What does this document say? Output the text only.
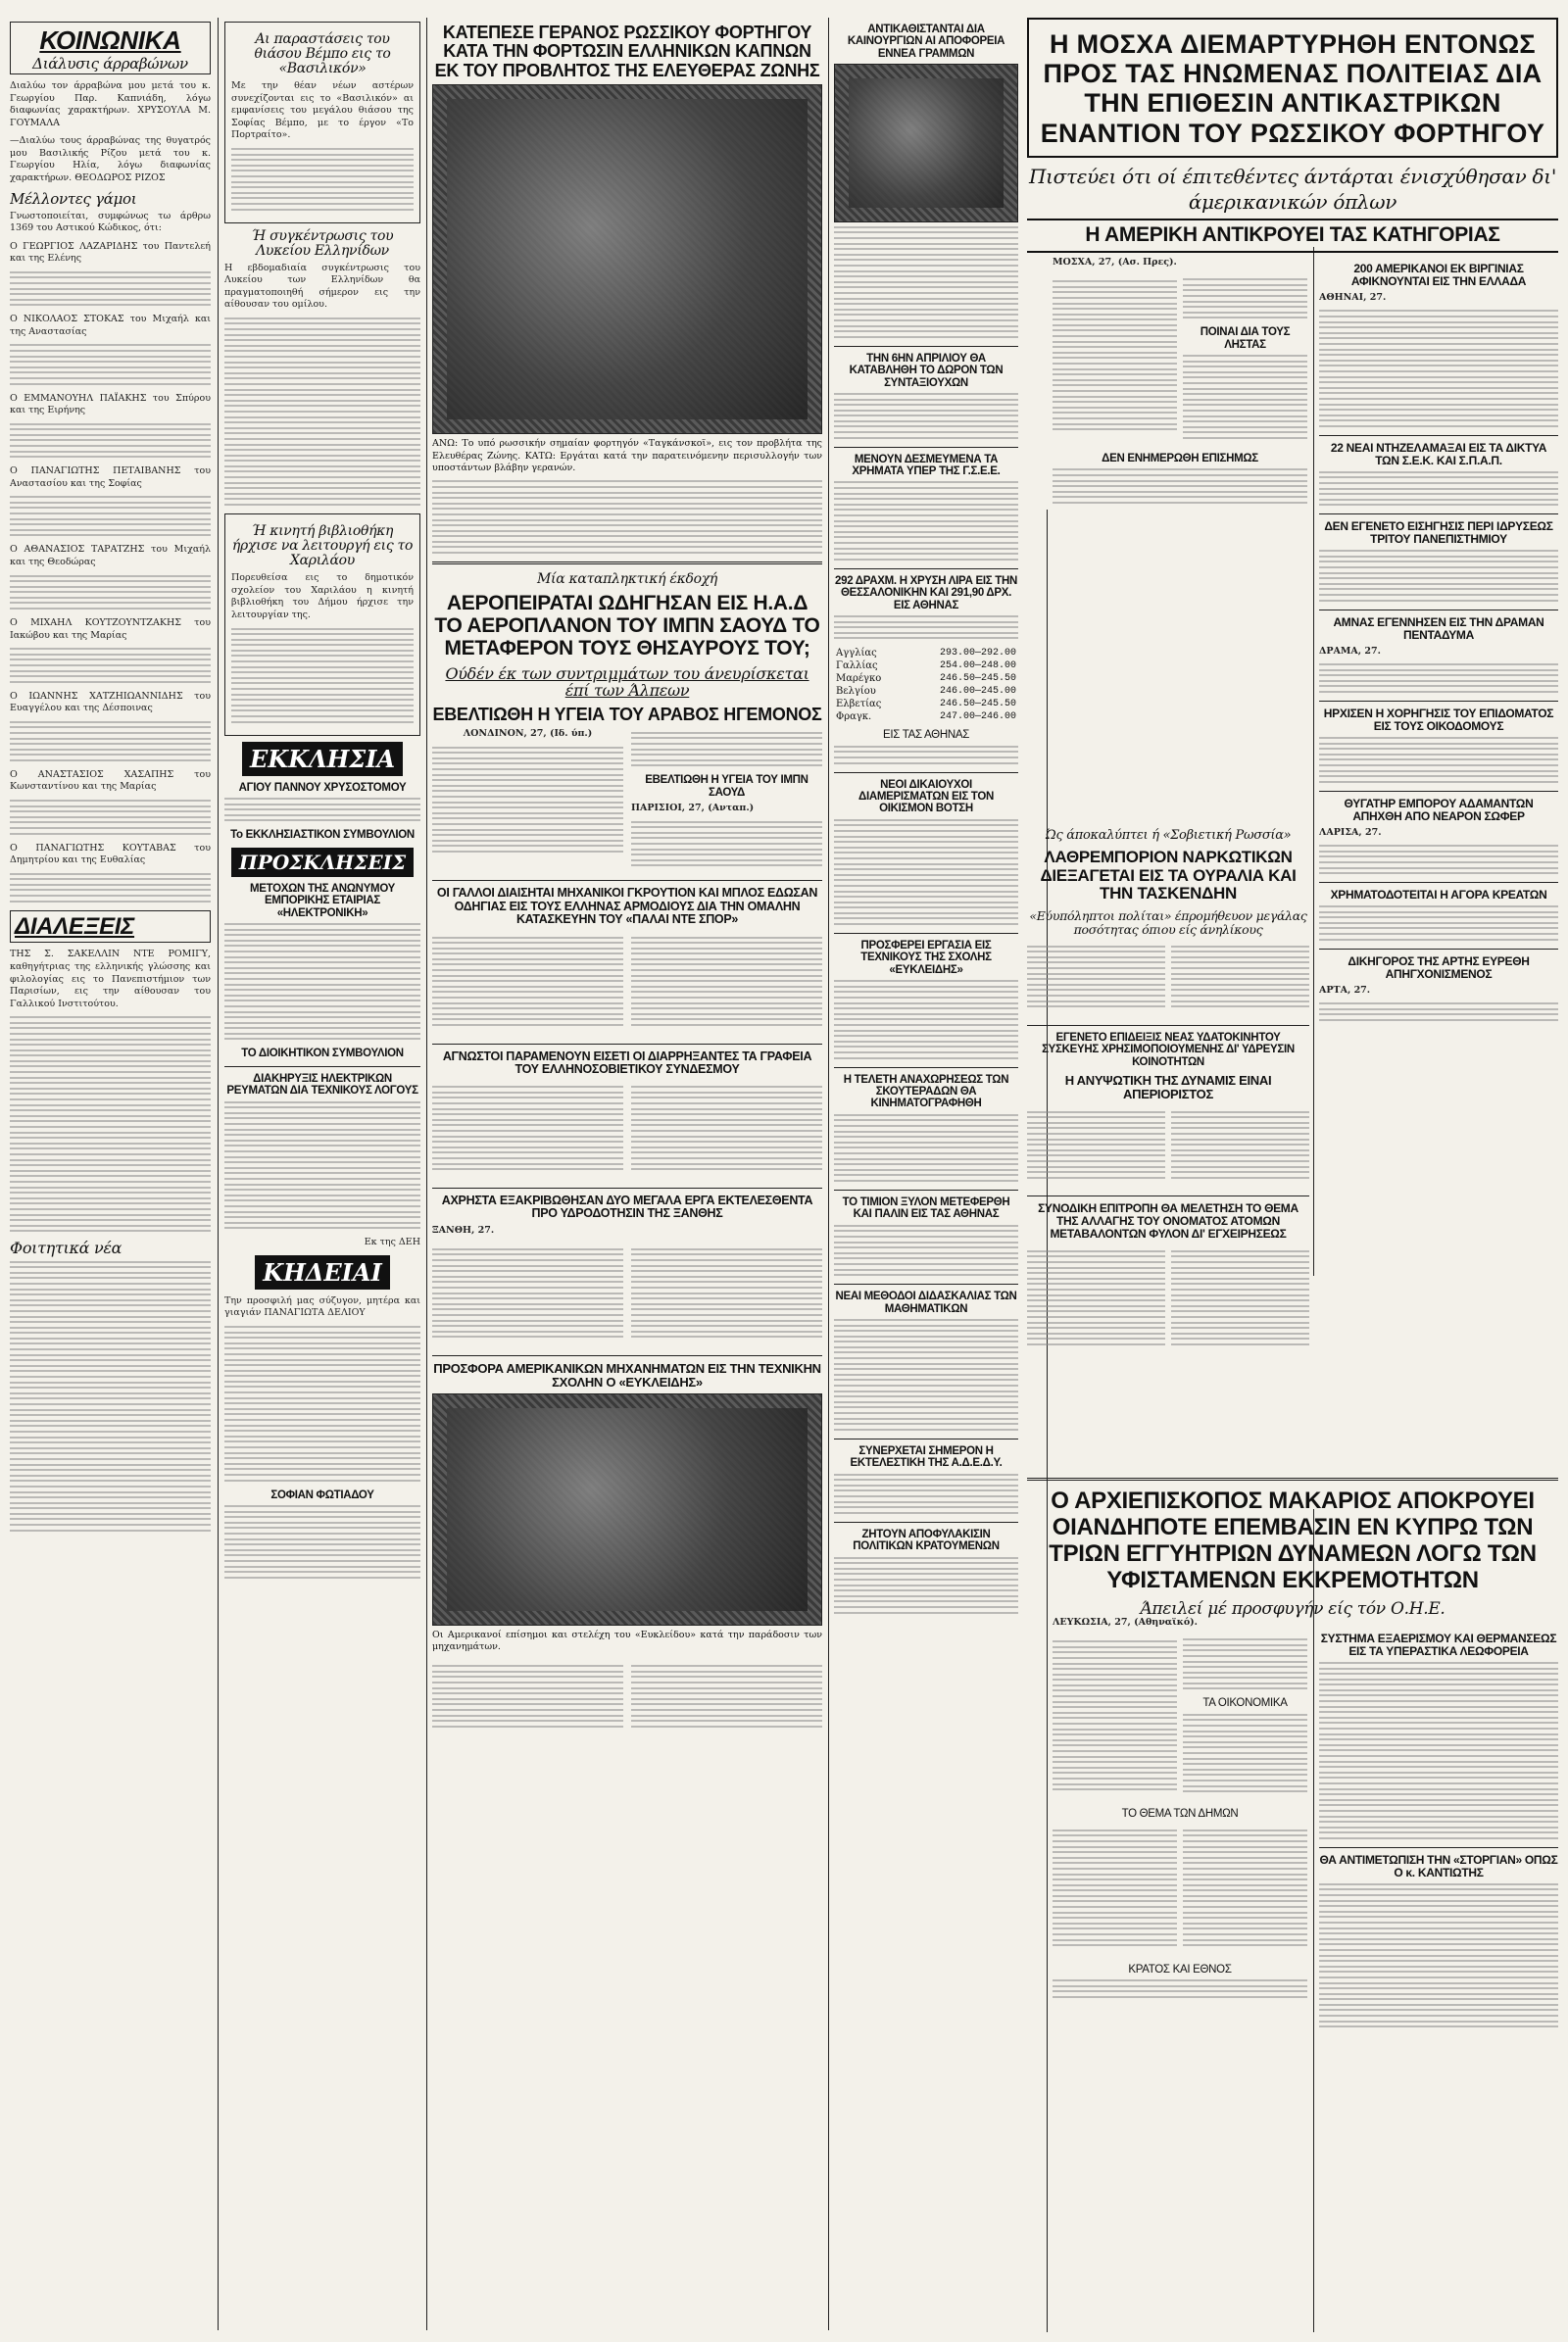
ΚΟΙΝΩΝΙΚΑ
Διάλυσις άρραβώνων

Διαλύω τον άρραβώνα μου μετά του κ. Γεωργίου Παρ. Καπνιάδη, λόγω διαφωνίας χαρακτήρων. ΧΡΥΣΟΥΛΑ Μ. ΓΟΥΜΑΛΑ

—Διαλύω τους άρραβώνας της θυγατρός μου Βασιλικής Ρίζου μετά του κ. Γεωργίου Ηλία, λόγω διαφωνίας χαρακτήρων. ΘΕΟΔΩΡΟΣ ΡΙΖΟΣ

Μέλλοντες γάμοι

Γνωστοποιείται, συμφώνως τω άρθρω 1369 του Αστικού Κώδικος, ότι:

Ο ΓΕΩΡΓΙΟΣ ΛΑΖΑΡΙΔΗΣ του Παντελεή και της Ελένης

Ο ΝΙΚΟΛΑΟΣ ΣΤΟΚΑΣ του Μιχαήλ και της Αναστασίας

Ο ΕΜΜΑΝΟΥΗΛ ΠΑΪΑΚΗΣ του Σπύρου και της Ειρήνης

Ο ΠΑΝΑΓΙΩΤΗΣ ΠΕΤΑΙΒΑΝΗΣ του Αναστασίου και της Σοφίας

Ο ΑΘΑΝΑΣΙΟΣ ΤΑΡΑΤΖΗΣ του Μιχαήλ και της Θεοδώρας

Ο ΜΙΧΑΗΛ ΚΟΥΤΖΟΥΝΤΖΑΚΗΣ του Ιακώβου και της Μαρίας

Ο ΙΩΑΝΝΗΣ ΧΑΤΖΗΙΩΑΝΝΙΔΗΣ του Ευαγγέλου και της Δέσποινας

Ο ΑΝΑΣΤΑΣΙΟΣ ΧΑΣΑΠΗΣ του Κωνσταντίνου και της Μαρίας

Ο ΠΑΝΑΓΙΩΤΗΣ ΚΟΥΤΑΒΑΣ του Δημητρίου και της Ευθαλίας

ΔΙΑΛΕΞΕΙΣ

ΤΗΣ Σ. ΣΑΚΕΛΛΙΝ ΝΤΕ ΡΟΜΙΓΥ, καθηγήτριας της ελληνικής γλώσσης και φιλολογίας εις το Πανεπιστήμιον των Παρισίων, εις την αίθουσαν του Γαλλικού Ινστιτούτου.

Φοιτητικά νέα
Αι παραστάσεις του θιάσου Βέμπο εις το «Βασιλικόν»

Με την θέαν νέων αστέρων συνεχίζονται εις το «Βασιλικόν» αι εμφανίσεις του μεγάλου θιάσου της Σοφίας Βέμπο, με το έργον «Το Πορτραίτο».

Ή συγκέντρωσις του Λυκείου Ελληνίδων

Η εβδομαδιαία συγκέντρωσις του Λυκείου των Ελληνίδων θα πραγματοποιηθή σήμερον εις την αίθουσαν του ομίλου.

Ή κινητή βιβλιοθήκη ήρχισε να λειτουργή εις το Χαριλάου

Πορευθείσα εις το δημοτικόν σχολείον του Χαριλάου η κινητή βιβλιοθήκη του Δήμου ήρχισε την λειτουργίαν της.

ΕΚΚΛΗΣΙΑ
ΑΓΙΟΥ ΠΑΝΝΟΥ ΧΡΥΣΟΣΤΟΜΟΥ
Το ΕΚΚΛΗΣΙΑΣΤΙΚΟΝ ΣΥΜΒΟΥΛΙΟΝ
ΠΡΟΣΚΛΗΣΕΙΣ
ΜΕΤΟΧΩΝ ΤΗΣ ΑΝΩΝΥΜΟΥ ΕΜΠΟΡΙΚΗΣ ΕΤΑΙΡΙΑΣ «ΗΛΕΚΤΡΟΝΙΚΗ»
ΤΟ ΔΙΟΙΚΗΤΙΚΟΝ ΣΥΜΒΟΥΛΙΟΝ
ΔΙΑΚΗΡΥΞΙΣ ΗΛΕΚΤΡΙΚΩΝ ΡΕΥΜΑΤΩΝ ΔΙΑ ΤΕΧΝΙΚΟΥΣ ΛΟΓΟΥΣ
Εκ της ΔΕΗ
ΚΗΔΕΙΑΙ

Την προσφιλή μας σύζυγον, μητέρα και γιαγιάν ΠΑΝΑΓΙΩΤΑ ΔΕΛΙΟΥ

ΣΟΦΙΑΝ ΦΩΤΙΑΔΟΥ
ΚΑΤΕΠΕΣΕ ΓΕΡΑΝΟΣ ΡΩΣΣΙΚΟΥ ΦΟΡΤΗΓΟΥ ΚΑΤΑ ΤΗΝ ΦΟΡΤΩΣΙΝ ΕΛΛΗΝΙΚΩΝ ΚΑΠΝΩΝ ΕΚ ΤΟΥ ΠΡΟΒΛΗΤΟΣ ΤΗΣ ΕΛΕΥΘΕΡΑΣ ΖΩΝΗΣ
ΑΝΩ: Το υπό ρωσσικήν σημαίαν φορτηγόν «Ταγκάνσκοϊ», εις τον προβλήτα της Ελευθέρας Ζώνης. ΚΑΤΩ: Εργάται κατά την παρατεινόμενην περισυλλογήν των υποστάντων βλάβην γερανών.
Μία καταπληκτική έκδοχή
ΑΕΡΟΠΕΙΡΑΤΑΙ ΩΔΗΓΗΣΑΝ ΕΙΣ Η.Α.Δ ΤΟ ΑΕΡΟΠΛΑΝΟΝ ΤΟΥ ΙΜΠΝ ΣΑΟΥΔ ΤΟ ΜΕΤΑΦΕΡΟΝ ΤΟΥΣ ΘΗΣΑΥΡΟΥΣ ΤΟΥ;
Ούδέν έκ των συντριμμάτων του άνευρίσκεται έπί των Άλπεων
ΕΒΕΛΤΙΩΘΗ Η ΥΓΕΙΑ ΤΟΥ ΑΡΑΒΟΣ ΗΓΕΜΟΝΟΣ
ΛΟΝΔΙΝΟΝ, 27, (Ιδ. ύπ.)
ΕΒΕΛΤΙΩΘΗ Η ΥΓΕΙΑ ΤΟΥ ΙΜΠΝ ΣΑΟΥΔ
ΠΑΡΙΣΙΟΙ, 27, (Ανταπ.)
ΟΙ ΓΑΛΛΟΙ ΔΙΑΙΣΗΤΑΙ ΜΗΧΑΝΙΚΟΙ ΓΚΡΟΥΤΙΟΝ ΚΑΙ ΜΠΛΟΣ ΕΔΩΣΑΝ ΟΔΗΓΙΑΣ ΕΙΣ ΤΟΥΣ ΕΛΛΗΝΑΣ ΑΡΜΟΔΙΟΥΣ ΔΙΑ ΤΗΝ ΟΜΑΛΗΝ ΚΑΤΑΣΚΕΥΗΝ ΤΟΥ «ΠΑΛΑΙ ΝΤΕ ΣΠΟΡ»
ΑΓΝΩΣΤΟΙ ΠΑΡΑΜΕΝΟΥΝ ΕΙΣΕΤΙ ΟΙ ΔΙΑΡΡΗΞΑΝΤΕΣ ΤΑ ΓΡΑΦΕΙΑ ΤΟΥ ΕΛΛΗΝΟΣΟΒΙΕΤΙΚΟΥ ΣΥΝΔΕΣΜΟΥ
ΑΧΡΗΣΤΑ ΕΞΑΚΡΙΒΩΘΗΣΑΝ ΔΥΟ ΜΕΓΑΛΑ ΕΡΓΑ ΕΚΤΕΛΕΣΘΕΝΤΑ ΠΡΟ ΥΔΡΟΔΟΤΗΣΙΝ ΤΗΣ ΞΑΝΘΗΣ
ΞΑΝΘΗ, 27.
ΠΡΟΣΦΟΡΑ ΑΜΕΡΙΚΑΝΙΚΩΝ ΜΗΧΑΝΗΜΑΤΩΝ ΕΙΣ ΤΗΝ ΤΕΧΝΙΚΗΝ ΣΧΟΛΗΝ Ο «ΕΥΚΛΕΙΔΗΣ»
Οι Αμερικανοί επίσημοι και στελέχη του «Ευκλείδου» κατά την παράδοσιν των μηχανημάτων.
ΑΝΤΙΚΑΘΙΣΤΑΝΤΑΙ ΔΙΑ ΚΑΙΝΟΥΡΓΙΩΝ ΑΙ ΑΠΟΦΟΡΕΙΑ ΕΝΝΕΑ ΓΡΑΜΜΩΝ
ΤΗΝ 6ΗΝ ΑΠΡΙΛΙΟΥ ΘΑ ΚΑΤΑΒΛΗΘΗ ΤΟ ΔΩΡΟΝ ΤΩΝ ΣΥΝΤΑΞΙΟΥΧΩΝ
ΜΕΝΟΥΝ ΔΕΣΜΕΥΜΕΝΑ ΤΑ ΧΡΗΜΑΤΑ ΥΠΕΡ ΤΗΣ Γ.Σ.Ε.Ε.
292 ΔΡΑΧΜ. Η ΧΡΥΣΗ ΛΙΡΑ ΕΙΣ ΤΗΝ ΘΕΣΣΑΛΟΝΙΚΗΝ ΚΑΙ 291,90 ΔΡΧ. ΕΙΣ ΑΘΗΝΑΣ
Αγγλίας	293.00—292.00
Γαλλίας	254.00—248.00
Μαρέγκο	246.50—245.50
Βελγίου	246.00—245.00
Ελβετίας	246.50—245.50
Φραγκ.	247.00—246.00
ΕΙΣ ΤΑΣ ΑΘΗΝΑΣ
ΝΕΟΙ ΔΙΚΑΙΟΥΧΟΙ ΔΙΑΜΕΡΙΣΜΑΤΩΝ ΕΙΣ ΤΟΝ ΟΙΚΙΣΜΟΝ ΒΟΤΣΗ
ΠΡΟΣΦΕΡΕΙ ΕΡΓΑΣΙΑ ΕΙΣ ΤΕΧΝΙΚΟΥΣ ΤΗΣ ΣΧΟΛΗΣ «ΕΥΚΛΕΙΔΗΣ»
Η ΤΕΛΕΤΗ ΑΝΑΧΩΡΗΣΕΩΣ ΤΩΝ ΣΚΟΥΤΕΡΑΔΩΝ ΘΑ ΚΙΝΗΜΑΤΟΓΡΑΦΗΘΗ
ΤΟ ΤΙΜΙΟΝ ΞΥΛΟΝ ΜΕΤΕΦΕΡΘΗ ΚΑΙ ΠΑΛΙΝ ΕΙΣ ΤΑΣ ΑΘΗΝΑΣ
ΝΕΑΙ ΜΕΘΟΔΟΙ ΔΙΔΑΣΚΑΛΙΑΣ ΤΩΝ ΜΑΘΗΜΑΤΙΚΩΝ
ΣΥΝΕΡΧΕΤΑΙ ΣΗΜΕΡΟΝ Η ΕΚΤΕΛΕΣΤΙΚΗ ΤΗΣ Α.Δ.Ε.Δ.Υ.
ΖΗΤΟΥΝ ΑΠΟΦΥΛΑΚΙΣΙΝ ΠΟΛΙΤΙΚΩΝ ΚΡΑΤΟΥΜΕΝΩΝ
Η ΜΟΣΧΑ ΔΙΕΜΑΡΤΥΡΗΘΗ ΕΝΤΟΝΩΣ ΠΡΟΣ ΤΑΣ ΗΝΩΜΕΝΑΣ ΠΟΛΙΤΕΙΑΣ ΔΙΑ ΤΗΝ ΕΠΙΘΕΣΙΝ ΑΝΤΙΚΑΣΤΡΙΚΩΝ ΕΝΑΝΤΙΟΝ ΤΟΥ ΡΩΣΣΙΚΟΥ ΦΟΡΤΗΓΟΥ
Πιστεύει ότι οί έπιτεθέντες άντάρται ένισχύθησαν δι' άμερικανικών όπλων
Η ΑΜΕΡΙΚΗ ΑΝΤΙΚΡΟΥΕΙ ΤΑΣ ΚΑΤΗΓΟΡΙΑΣ
ΜΟΣΧΑ, 27, (Ασ. Πρες).
ΠΟΙΝΑΙ ΔΙΑ ΤΟΥΣ ΛΗΣΤΑΣ
ΔΕΝ ΕΝΗΜΕΡΩΘΗ ΕΠΙΣΗΜΩΣ
Ώς άποκαλύπτει ή «Σοβιετική Ρωσσία»
ΛΑΘΡΕΜΠΟΡΙΟΝ ΝΑΡΚΩΤΙΚΩΝ ΔΙΕΞΑΓΕΤΑΙ ΕΙΣ ΤΑ ΟΥΡΑΛΙΑ ΚΑΙ ΤΗΝ ΤΑΣΚΕΝΔΗΝ
«Εύυπόληπτοι πολίται» έπρομήθευον μεγάλας ποσότητας όπιου είς άνηλίκους
ΕΓΕΝΕΤΟ ΕΠΙΔΕΙΞΙΣ ΝΕΑΣ ΥΔΑΤΟΚΙΝΗΤΟΥ ΣΥΣΚΕΥΗΣ ΧΡΗΣΙΜΟΠΟΙΟΥΜΕΝΗΣ ΔΙ' ΥΔΡΕΥΣΙΝ ΚΟΙΝΟΤΗΤΩΝ
Η ΑΝΥΨΩΤΙΚΗ ΤΗΣ ΔΥΝΑΜΙΣ ΕΙΝΑΙ ΑΠΕΡΙΟΡΙΣΤΟΣ
ΣΥΝΟΔΙΚΗ ΕΠΙΤΡΟΠΗ ΘΑ ΜΕΛΕΤΗΣΗ ΤΟ ΘΕΜΑ ΤΗΣ ΑΛΛΑΓΗΣ ΤΟΥ ΟΝΟΜΑΤΟΣ ΑΤΟΜΩΝ ΜΕΤΑΒΑΛΟΝΤΩΝ ΦΥΛΟΝ ΔΙ' ΕΓΧΕΙΡΗΣΕΩΣ
Ο ΑΡΧΙΕΠΙΣΚΟΠΟΣ ΜΑΚΑΡΙΟΣ ΑΠΟΚΡΟΥΕΙ ΟΙΑΝΔΗΠΟΤΕ ΕΠΕΜΒΑΣΙΝ ΕΝ ΚΥΠΡΩ ΤΩΝ ΤΡΙΩΝ ΕΓΓΥΗΤΡΙΩΝ ΔΥΝΑΜΕΩΝ ΛΟΓΩ ΤΩΝ ΥΦΙΣΤΑΜΕΝΩΝ ΕΚΚΡΕΜΟΤΗΤΩΝ
Άπειλεί μέ προσφυγήν είς τόν Ο.Η.Ε.
ΛΕΥΚΩΣΙΑ, 27, (Αθηναϊκό).
ΤΑ ΟΙΚΟΝΟΜΙΚΑ
ΤΟ ΘΕΜΑ ΤΩΝ ΔΗΜΩΝ
ΚΡΑΤΟΣ ΚΑΙ ΕΘΝΟΣ
200 ΑΜΕΡΙΚΑΝΟΙ ΕΚ ΒΙΡΓΙΝΙΑΣ ΑΦΙΚΝΟΥΝΤΑΙ ΕΙΣ ΤΗΝ ΕΛΛΑΔΑ
ΑΘΗΝΑΙ, 27.
22 ΝΕΑΙ ΝΤΗΖΕΛΑΜΑΞΑΙ ΕΙΣ ΤΑ ΔΙΚΤΥΑ ΤΩΝ Σ.Ε.Κ. ΚΑΙ Σ.Π.Α.Π.
ΔΕΝ ΕΓΕΝΕΤΟ ΕΙΣΗΓΗΣΙΣ ΠΕΡΙ ΙΔΡΥΣΕΩΣ ΤΡΙΤΟΥ ΠΑΝΕΠΙΣΤΗΜΙΟΥ
ΑΜΝΑΣ ΕΓΕΝΝΗΣΕΝ ΕΙΣ ΤΗΝ ΔΡΑΜΑΝ ΠΕΝΤΑΔΥΜΑ
ΔΡΑΜΑ, 27.
ΗΡΧΙΣΕΝ Η ΧΟΡΗΓΗΣΙΣ ΤΟΥ ΕΠΙΔΟΜΑΤΟΣ ΕΙΣ ΤΟΥΣ ΟΙΚΟΔΟΜΟΥΣ
ΘΥΓΑΤΗΡ ΕΜΠΟΡΟΥ ΑΔΑΜΑΝΤΩΝ ΑΠΗΧΘΗ ΑΠΟ ΝΕΑΡΟΝ ΣΩΦΕΡ
ΛΑΡΙΣΑ, 27.
ΧΡΗΜΑΤΟΔΟΤΕΙΤΑΙ Η ΑΓΟΡΑ ΚΡΕΑΤΩΝ
ΔΙΚΗΓΟΡΟΣ ΤΗΣ ΑΡΤΗΣ ΕΥΡΕΘΗ ΑΠΗΓΧΟΝΙΣΜΕΝΟΣ
ΑΡΤΑ, 27.
ΣΥΣΤΗΜΑ ΕΞΑΕΡΙΣΜΟΥ ΚΑΙ ΘΕΡΜΑΝΣΕΩΣ ΕΙΣ ΤΑ ΥΠΕΡΑΣΤΙΚΑ ΛΕΩΦΟΡΕΙΑ
ΘΑ ΑΝΤΙΜΕΤΩΠΙΣΗ ΤΗΝ «ΣΤΟΡΓΙΑΝ» ΟΠΩΣ Ο κ. ΚΑΝΤΙΩΤΗΣ
